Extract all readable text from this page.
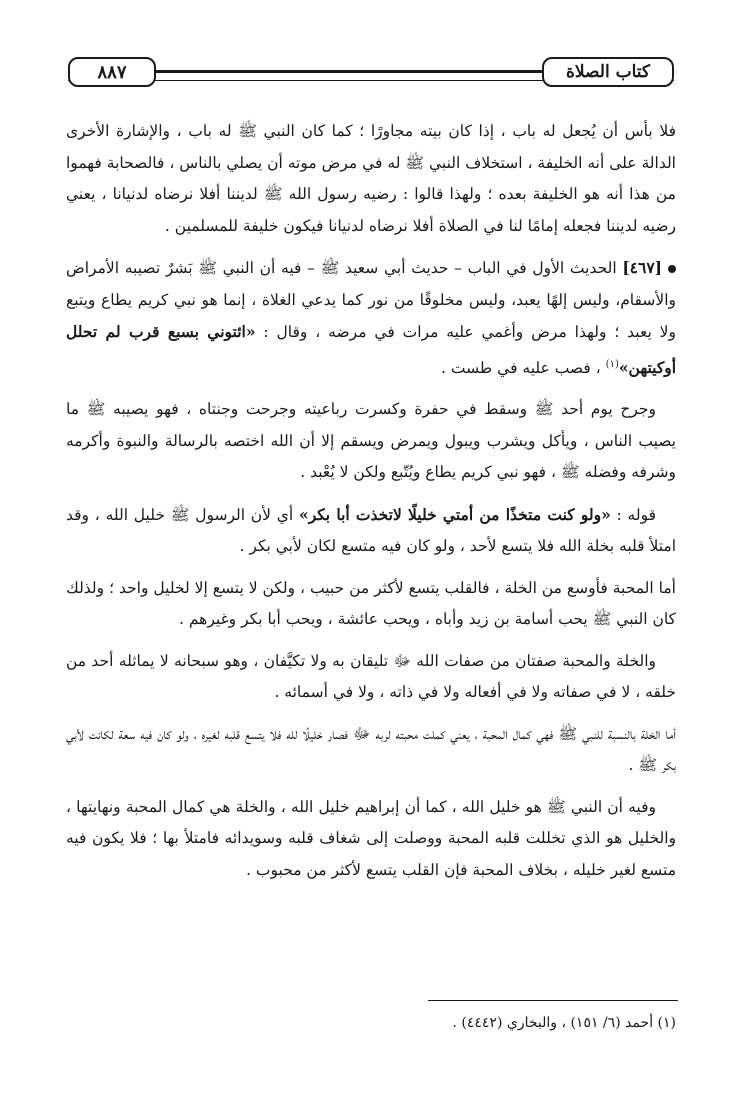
كتاب الصلاة
٨٨٧

فلا بأس أن يُجعل له باب ، إذا كان بيته مجاورًا ؛ كما كان النبي ﷺ له باب ، والإشارة الأخرى الدالة على أنه الخليفة ، استخلاف النبي ﷺ له في مرض موته أن يصلي بالناس ، فالصحابة فهموا من هذا أنه هو الخليفة بعده ؛ ولهذا قالوا : رضيه رسول الله ﷺ لديننا أفلا نرضاه لدنيانا ، يعني رضيه لديننا فجعله إمامًا لنا في الصلاة أفلا نرضاه لدنيانا فيكون خليفة للمسلمين .

[٤٦٧] الحديث الأول في الباب – حديث أبي سعيد ﷺ – فيه أن النبي ﷺ بَشرٌ تصيبه الأمراض والأسقام، وليس إلهًا يعبد، وليس مخلوقًا من نور كما يدعي الغلاة ، إنما هو نبي كريم يطاع ويتبع ولا يعبد ؛ ولهذا مرض وأغمي عليه مرات في مرضه ، وقال : «ائتوني بسبع قرب لم تحلل أوكيتهن»$^{(١)}$ ، فصب عليه في طست .

وجرح يوم أحد ﷺ وسقط في حفرة وكسرت رباعيته وجرحت وجنتاه ، فهو يصيبه ﷺ ما يصيب الناس ، ويأكل ويشرب ويبول ويمرض ويسقم إلا أن الله اختصه بالرسالة والنبوة وأكرمه وشرفه وفضله ﷺ ، فهو نبي كريم يطاع ويُتّبع ولكن لا يُعْبد .

قوله : «ولو كنت متخذًا من أمتي خليلًا لاتخذت أبا بكر» أي لأن الرسول ﷺ خليل الله ، وقد امتلأ قلبه بخلة الله فلا يتسع لأحد ، ولو كان فيه متسع لكان لأبي بكر .

أما المحبة فأوسع من الخلة ، فالقلب يتسع لأكثر من حبيب ، ولكن لا يتسع إلا لخليل واحد ؛ ولذلك كان النبي ﷺ يحب أسامة بن زيد وأباه ، ويحب عائشة ، ويحب أبا بكر وغيرهم .

والخلة والمحبة صفتان من صفات الله ﷻ تليقان به ولا تكيَّفان ، وهو سبحانه لا يماثله أحد من خلقه ، لا في صفاته ولا في أفعاله ولا في ذاته ، ولا في أسمائه .

أما الخلة بالنسبة للنبي ﷺ فهي كمال المحبة ، يعني كملت محبته لربه ﷻ فصار خليلًا لله فلا يتسع قلبه لغيره ، ولو كان فيه سعة لكانت لأبي بكر ﷺ .

وفيه أن النبي ﷺ هو خليل الله ، كما أن إبراهيم خليل الله ، والخلة هي كمال المحبة ونهايتها ، والخليل هو الذي تخللت قلبه المحبة ووصلت إلى شغاف قلبه وسويدائه فامتلأ بها ؛ فلا يكون فيه متسع لغير خليله ، بخلاف المحبة فإن القلب يتسع لأكثر من محبوب .

(١) أحمد (٦/ ١٥١) ، والبخاري (٤٤٤٢) .
